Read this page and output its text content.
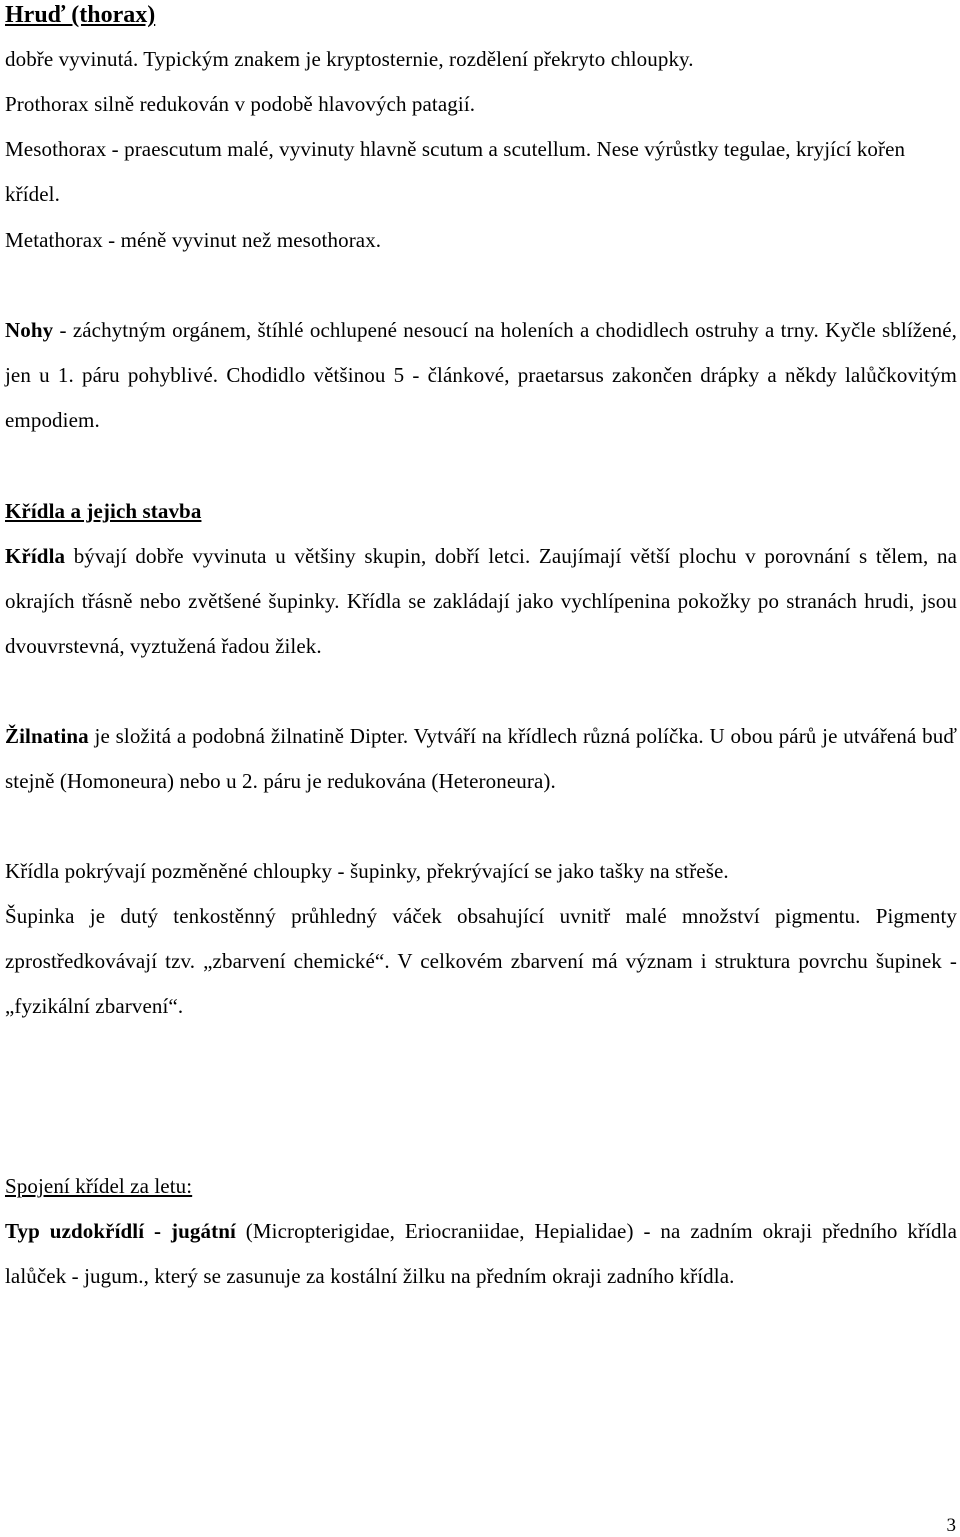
Hruď (thorax)

dobře vyvinutá. Typickým znakem je kryptosternie, rozdělení překryto chloupky.

Prothorax silně redukován v podobě hlavových patagií.

Mesothorax - praescutum malé, vyvinuty hlavně scutum a scutellum. Nese výrůstky tegulae, kryjící kořen křídel.

Metathorax - méně vyvinut než mesothorax.

Nohy - záchytným orgánem, štíhlé ochlupené nesoucí na holeních a chodidlech ostruhy a trny. Kyčle sblížené, jen u 1. páru pohyblivé. Chodidlo většinou 5 - článkové, praetarsus zakončen drápky a někdy lalůčkovitým empodiem.

Křídla a jejich stavba

Křídla bývají dobře vyvinuta u většiny skupin, dobří letci. Zaujímají větší plochu v porovnání s tělem, na okrajích třásně nebo zvětšené šupinky. Křídla se zakládají jako vychlípenina pokožky po stranách hrudi, jsou dvouvrstevná, vyztužená řadou žilek.

Žilnatina je složitá a podobná žilnatině Dipter. Vytváří na křídlech různá políčka. U obou párů je utvářená buď stejně (Homoneura) nebo u 2. páru je redukována (Heteroneura).

Křídla pokrývají pozměněné chloupky - šupinky, překrývající se jako tašky na střeše.

Šupinka je dutý tenkostěnný průhledný váček obsahující uvnitř malé množství pigmentu. Pigmenty zprostředkovávají tzv. „zbarvení chemické“. V celkovém zbarvení má význam i struktura povrchu šupinek - „fyzikální zbarvení“.

Spojení křídel za letu:

Typ uzdokřídlí - jugátní (Micropterigidae, Eriocraniidae, Hepialidae) - na zadním okraji předního křídla lalůček - jugum., který se zasunuje za kostální žilku na předním okraji zadního křídla.

3
